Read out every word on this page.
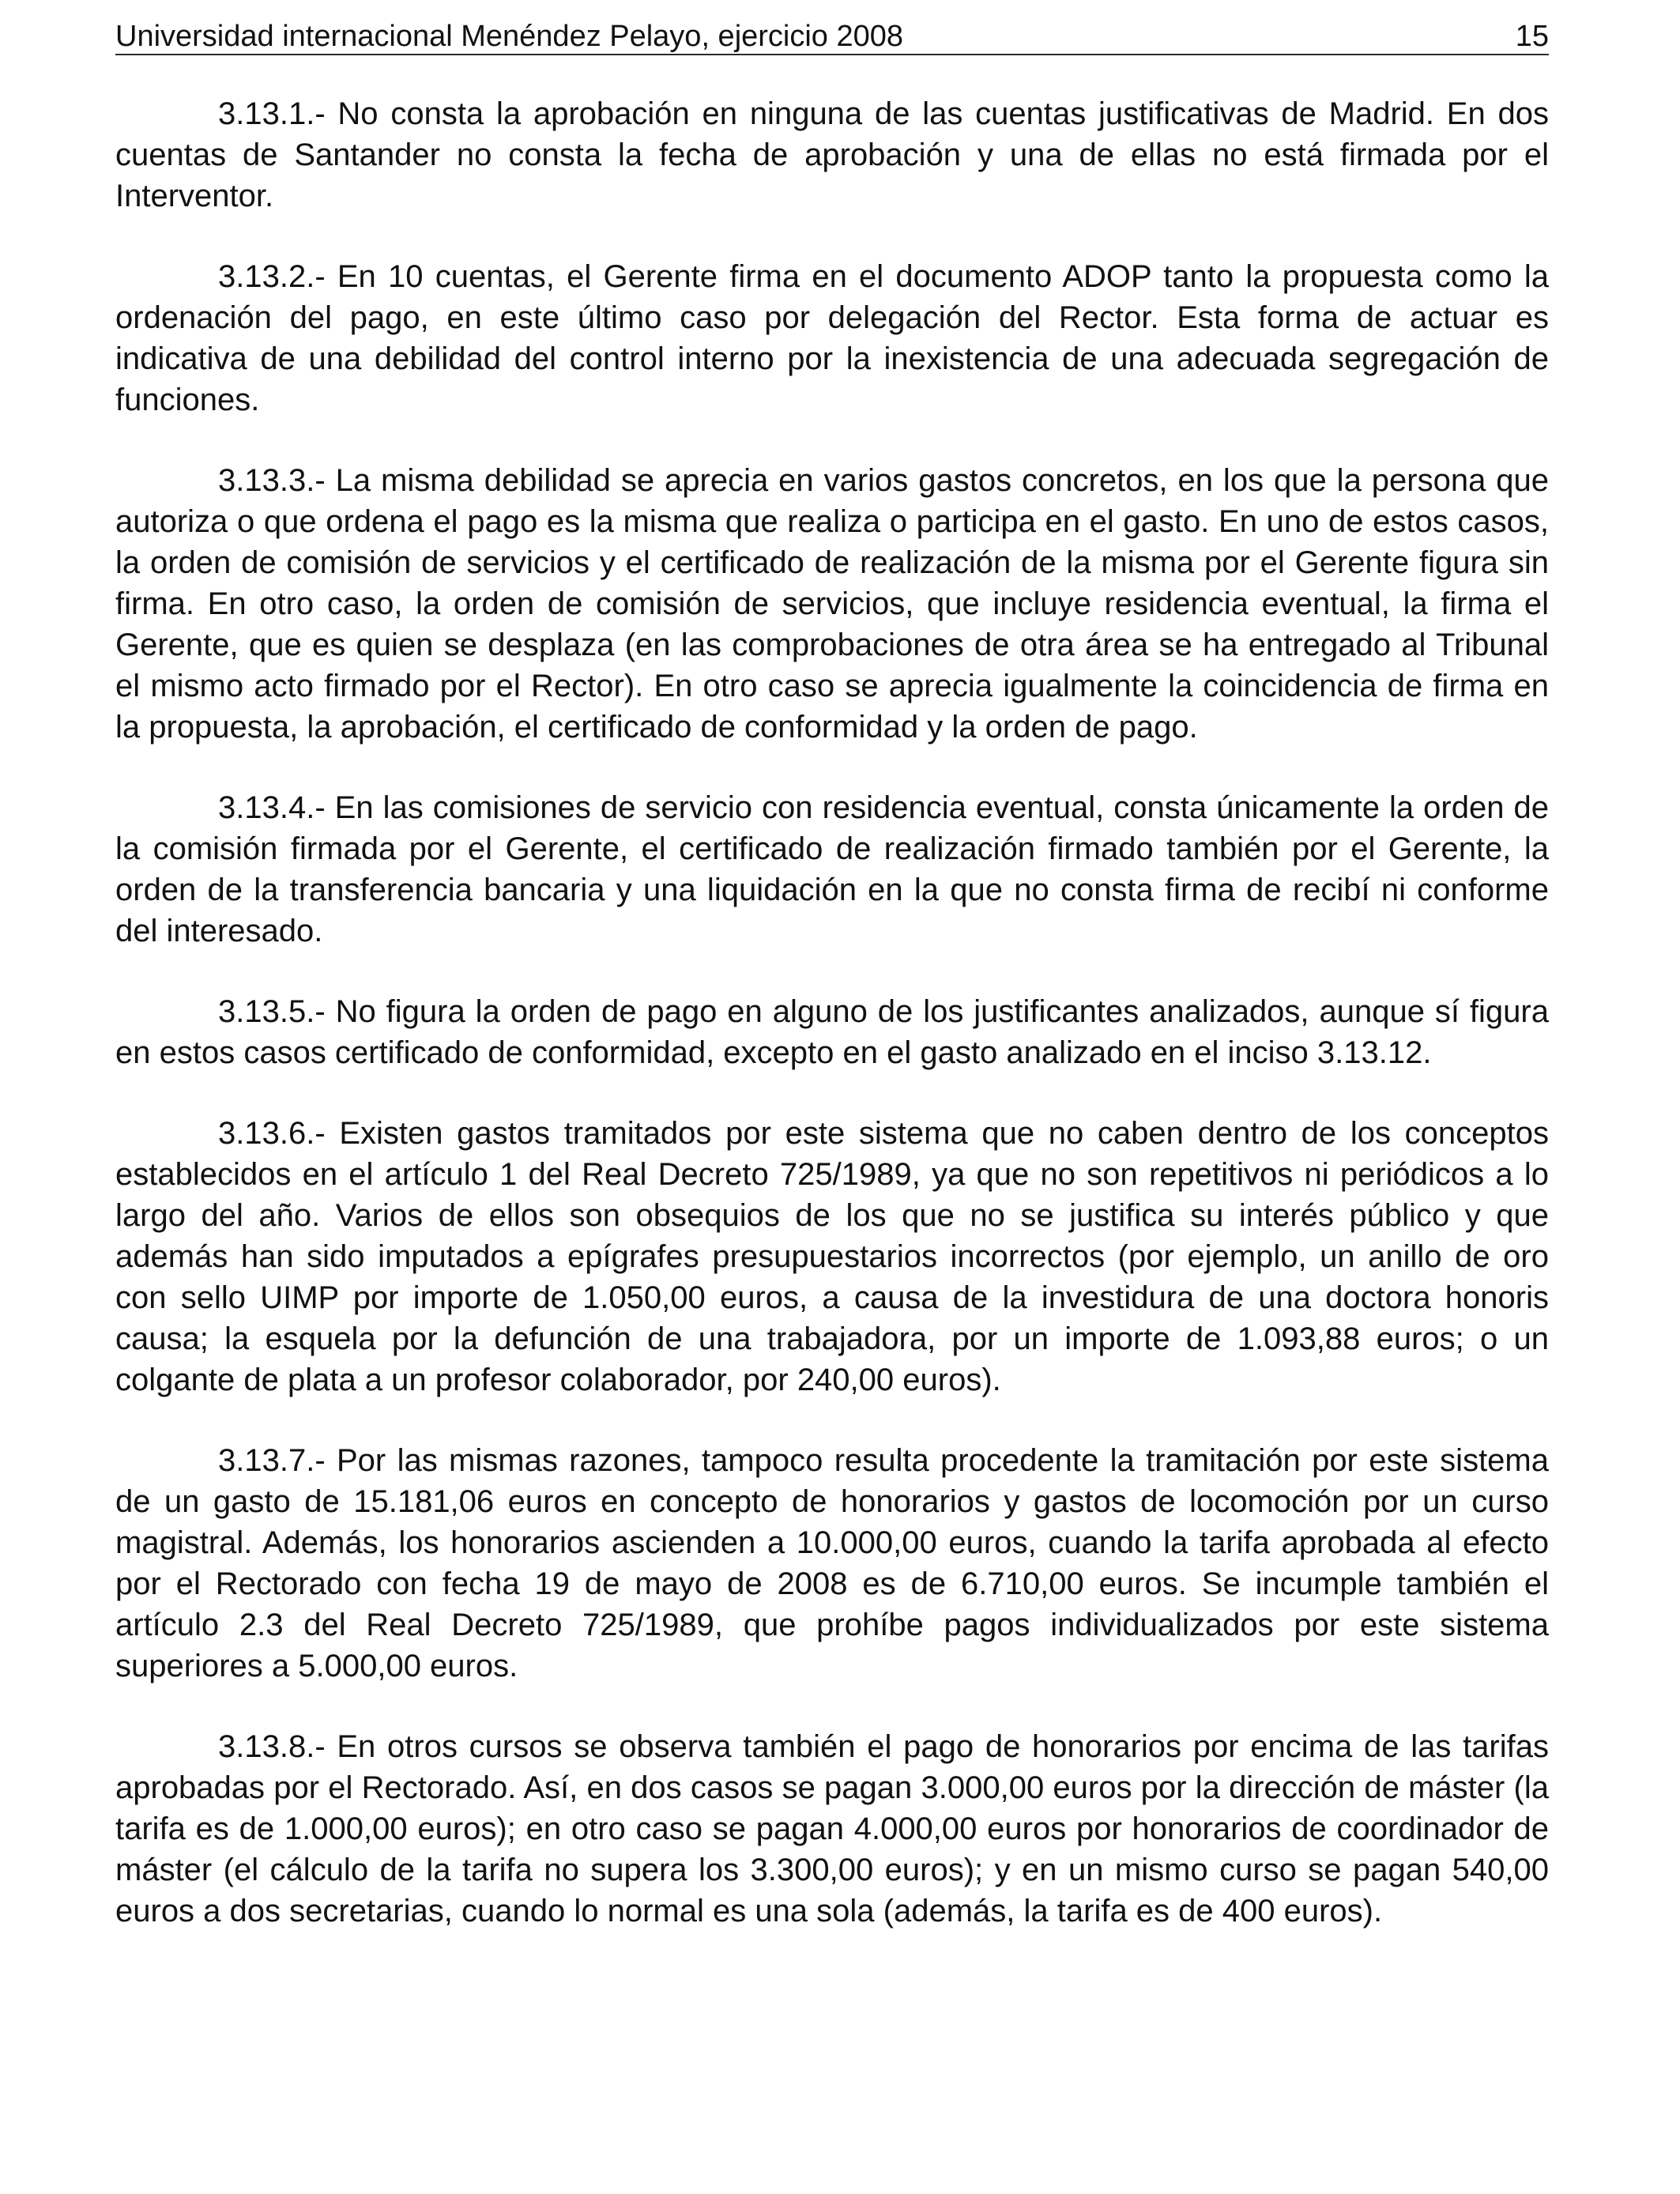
Universidad internacional Menéndez Pelayo, ejercicio 2008	15

3.13.1.- No consta la aprobación en ninguna de las cuentas justificativas de Madrid. En dos cuentas de Santander no consta la fecha de aprobación y una de ellas no está firmada por el Interventor.

3.13.2.- En 10 cuentas, el Gerente firma en el documento ADOP tanto la propuesta como la ordenación del pago, en este último caso por delegación del Rector. Esta forma de actuar es indicativa de una debilidad del control interno por la inexistencia de una adecuada segregación de funciones.

3.13.3.- La misma debilidad se aprecia en varios gastos concretos, en los que la persona que autoriza o que ordena el pago es la misma que realiza o participa en el gasto. En uno de estos casos, la orden de comisión de servicios y el certificado de realización de la misma por el Gerente figura sin firma. En otro caso, la orden de comisión de servicios, que incluye residencia eventual, la firma el Gerente, que es quien se desplaza (en las comprobaciones de otra área se ha entregado al Tribunal el mismo acto firmado por el Rector). En otro caso se aprecia igualmente la coincidencia de firma en la propuesta, la aprobación, el certificado de conformidad y la orden de pago.

3.13.4.- En las comisiones de servicio con residencia eventual, consta únicamente la orden de la comisión firmada por el Gerente, el certificado de realización firmado también por el Gerente, la orden de la transferencia bancaria y una liquidación en la que no consta firma de recibí ni conforme del interesado.

3.13.5.- No figura la orden de pago en alguno de los justificantes analizados, aunque sí figura en estos casos certificado de conformidad, excepto en el gasto analizado en el inciso 3.13.12.

3.13.6.- Existen gastos tramitados por este sistema que no caben dentro de los conceptos establecidos en el artículo 1 del Real Decreto 725/1989, ya que no son repetitivos ni periódicos a lo largo del año. Varios de ellos son obsequios de los que no se justifica su interés público y que además han sido imputados a epígrafes presupuestarios incorrectos (por ejemplo, un anillo de oro con sello UIMP por importe de 1.050,00 euros, a causa de la investidura de una doctora honoris causa; la esquela por la defunción de una trabajadora, por un importe de 1.093,88 euros; o un colgante de plata a un profesor colaborador, por 240,00 euros).

3.13.7.- Por las mismas razones, tampoco resulta procedente la tramitación por este sistema de un gasto de 15.181,06 euros en concepto de honorarios y gastos de locomoción por un curso magistral. Además, los honorarios ascienden a 10.000,00 euros, cuando la tarifa aprobada al efecto por el Rectorado con fecha 19 de mayo de 2008 es de 6.710,00 euros. Se incumple también el artículo 2.3 del Real Decreto 725/1989, que prohíbe pagos individualizados por este sistema superiores a 5.000,00 euros.

3.13.8.- En otros cursos se observa también el pago de honorarios por encima de las tarifas aprobadas por el Rectorado. Así, en dos casos se pagan 3.000,00 euros por la dirección de máster (la tarifa es de 1.000,00 euros); en otro caso se pagan 4.000,00 euros por honorarios de coordinador de máster (el cálculo de la tarifa no supera los 3.300,00 euros); y en un mismo curso se pagan 540,00 euros a dos secretarias, cuando lo normal es una sola (además, la tarifa es de 400 euros).
